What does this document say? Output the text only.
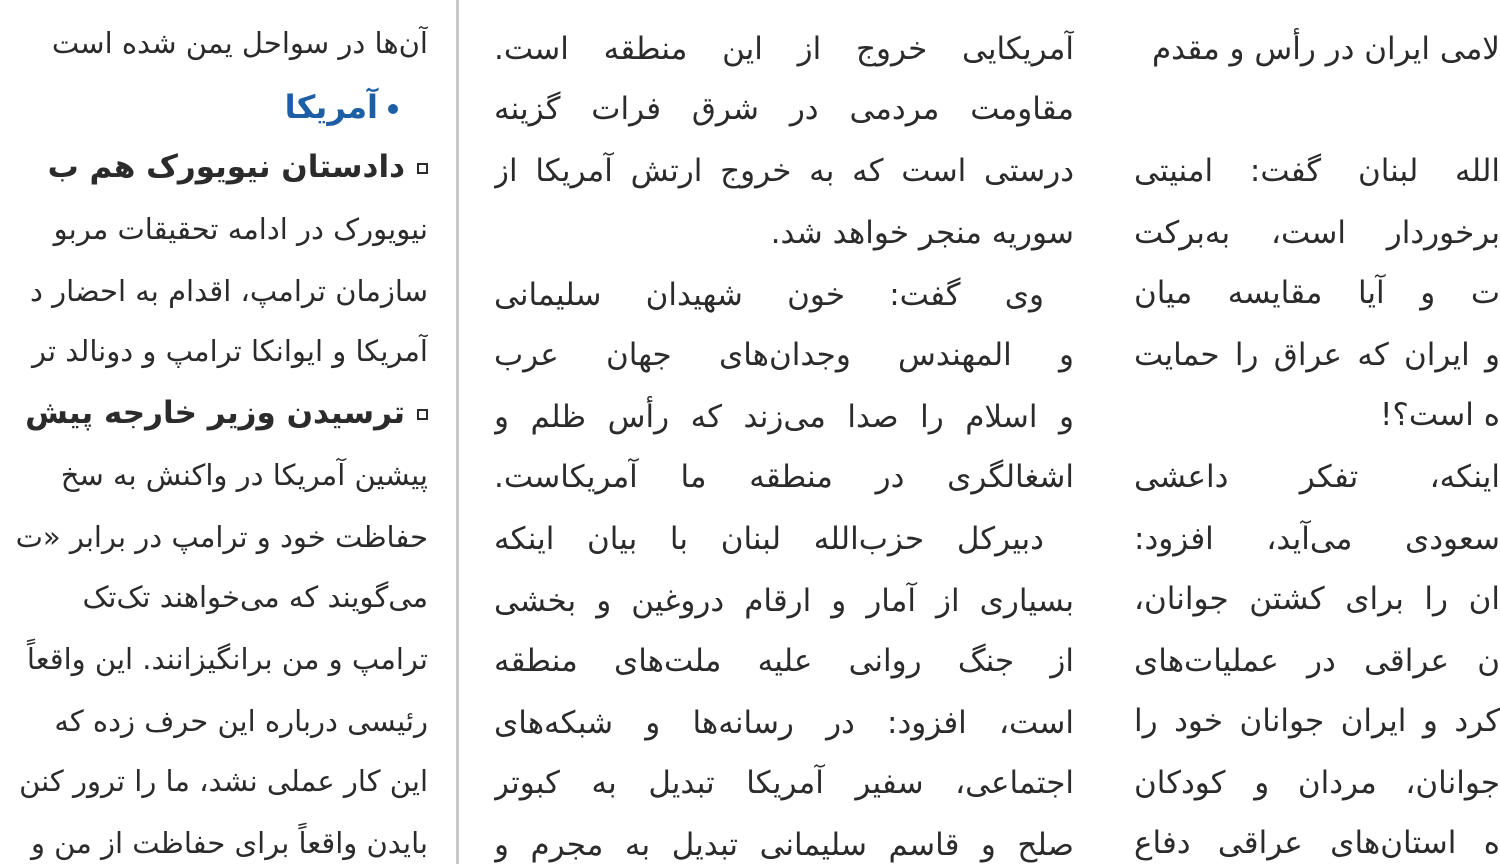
آن‌ها در سواحل یمن شده است
آمریکا
دادستان نیویورک هم ب
نیویورک در ادامه تحقیقات مربو
سازمان ترامپ، اقدام به احضار د
آمریکا و ایوانکا ترامپ و دونالد تر
ترسیدن وزیر خارجه پیش
پیشین آمریکا در واکنش به سخ
حفاظت خود و ترامپ در برابر «ت
می‌گویند که می‌خواهند تک‌تک
ترامپ و من برانگیزانند. این واقعاً
رئیسی درباره این حرف زده که
این کار عملی نشد، ما را ترور کنن
بایدن واقعاً برای حفاظت از من و
آمریکایی خروج از این منطقه است.
مقاومت مردمی در شرق فرات گزینه
درستی است که به خروج ارتش آمریکا از
سوریه منجر خواهد شد.
وی گفت: خون شهیدان سلیمانی
و المهندس وجدان‌های جهان عرب
و اسلام را صدا می‌زند که رأس ظلم و
اشغالگری در منطقه ما آمریکاست.
دبیرکل حزب‌الله لبنان با بیان اینکه
بسیاری از آمار و ارقام دروغین و بخشی
از جنگ روانی علیه ملت‌های منطقه
است، افزود: در رسانه‌ها و شبکه‌های
اجتماعی، سفیر آمریکا تبدیل به کبوتر
صلح و قاسم سلیمانی تبدیل به مجرم و
لامی ایران در رأس و مقدم
الله لبنان گفت: امنیتی
برخوردار است، به‌برکت
ت و آیا مقایسه میان
و ایران که عراق را حمایت
ه است؟!
اینکه، تفکر داعشی
سعودی می‌آید، افزود:
ان را برای کشتن جوانان،
ن عراقی در عملیات‌های
کرد و ایران جوانان خود را
جوانان، مردان و کودکان
ه استان‌های عراقی دفاع
